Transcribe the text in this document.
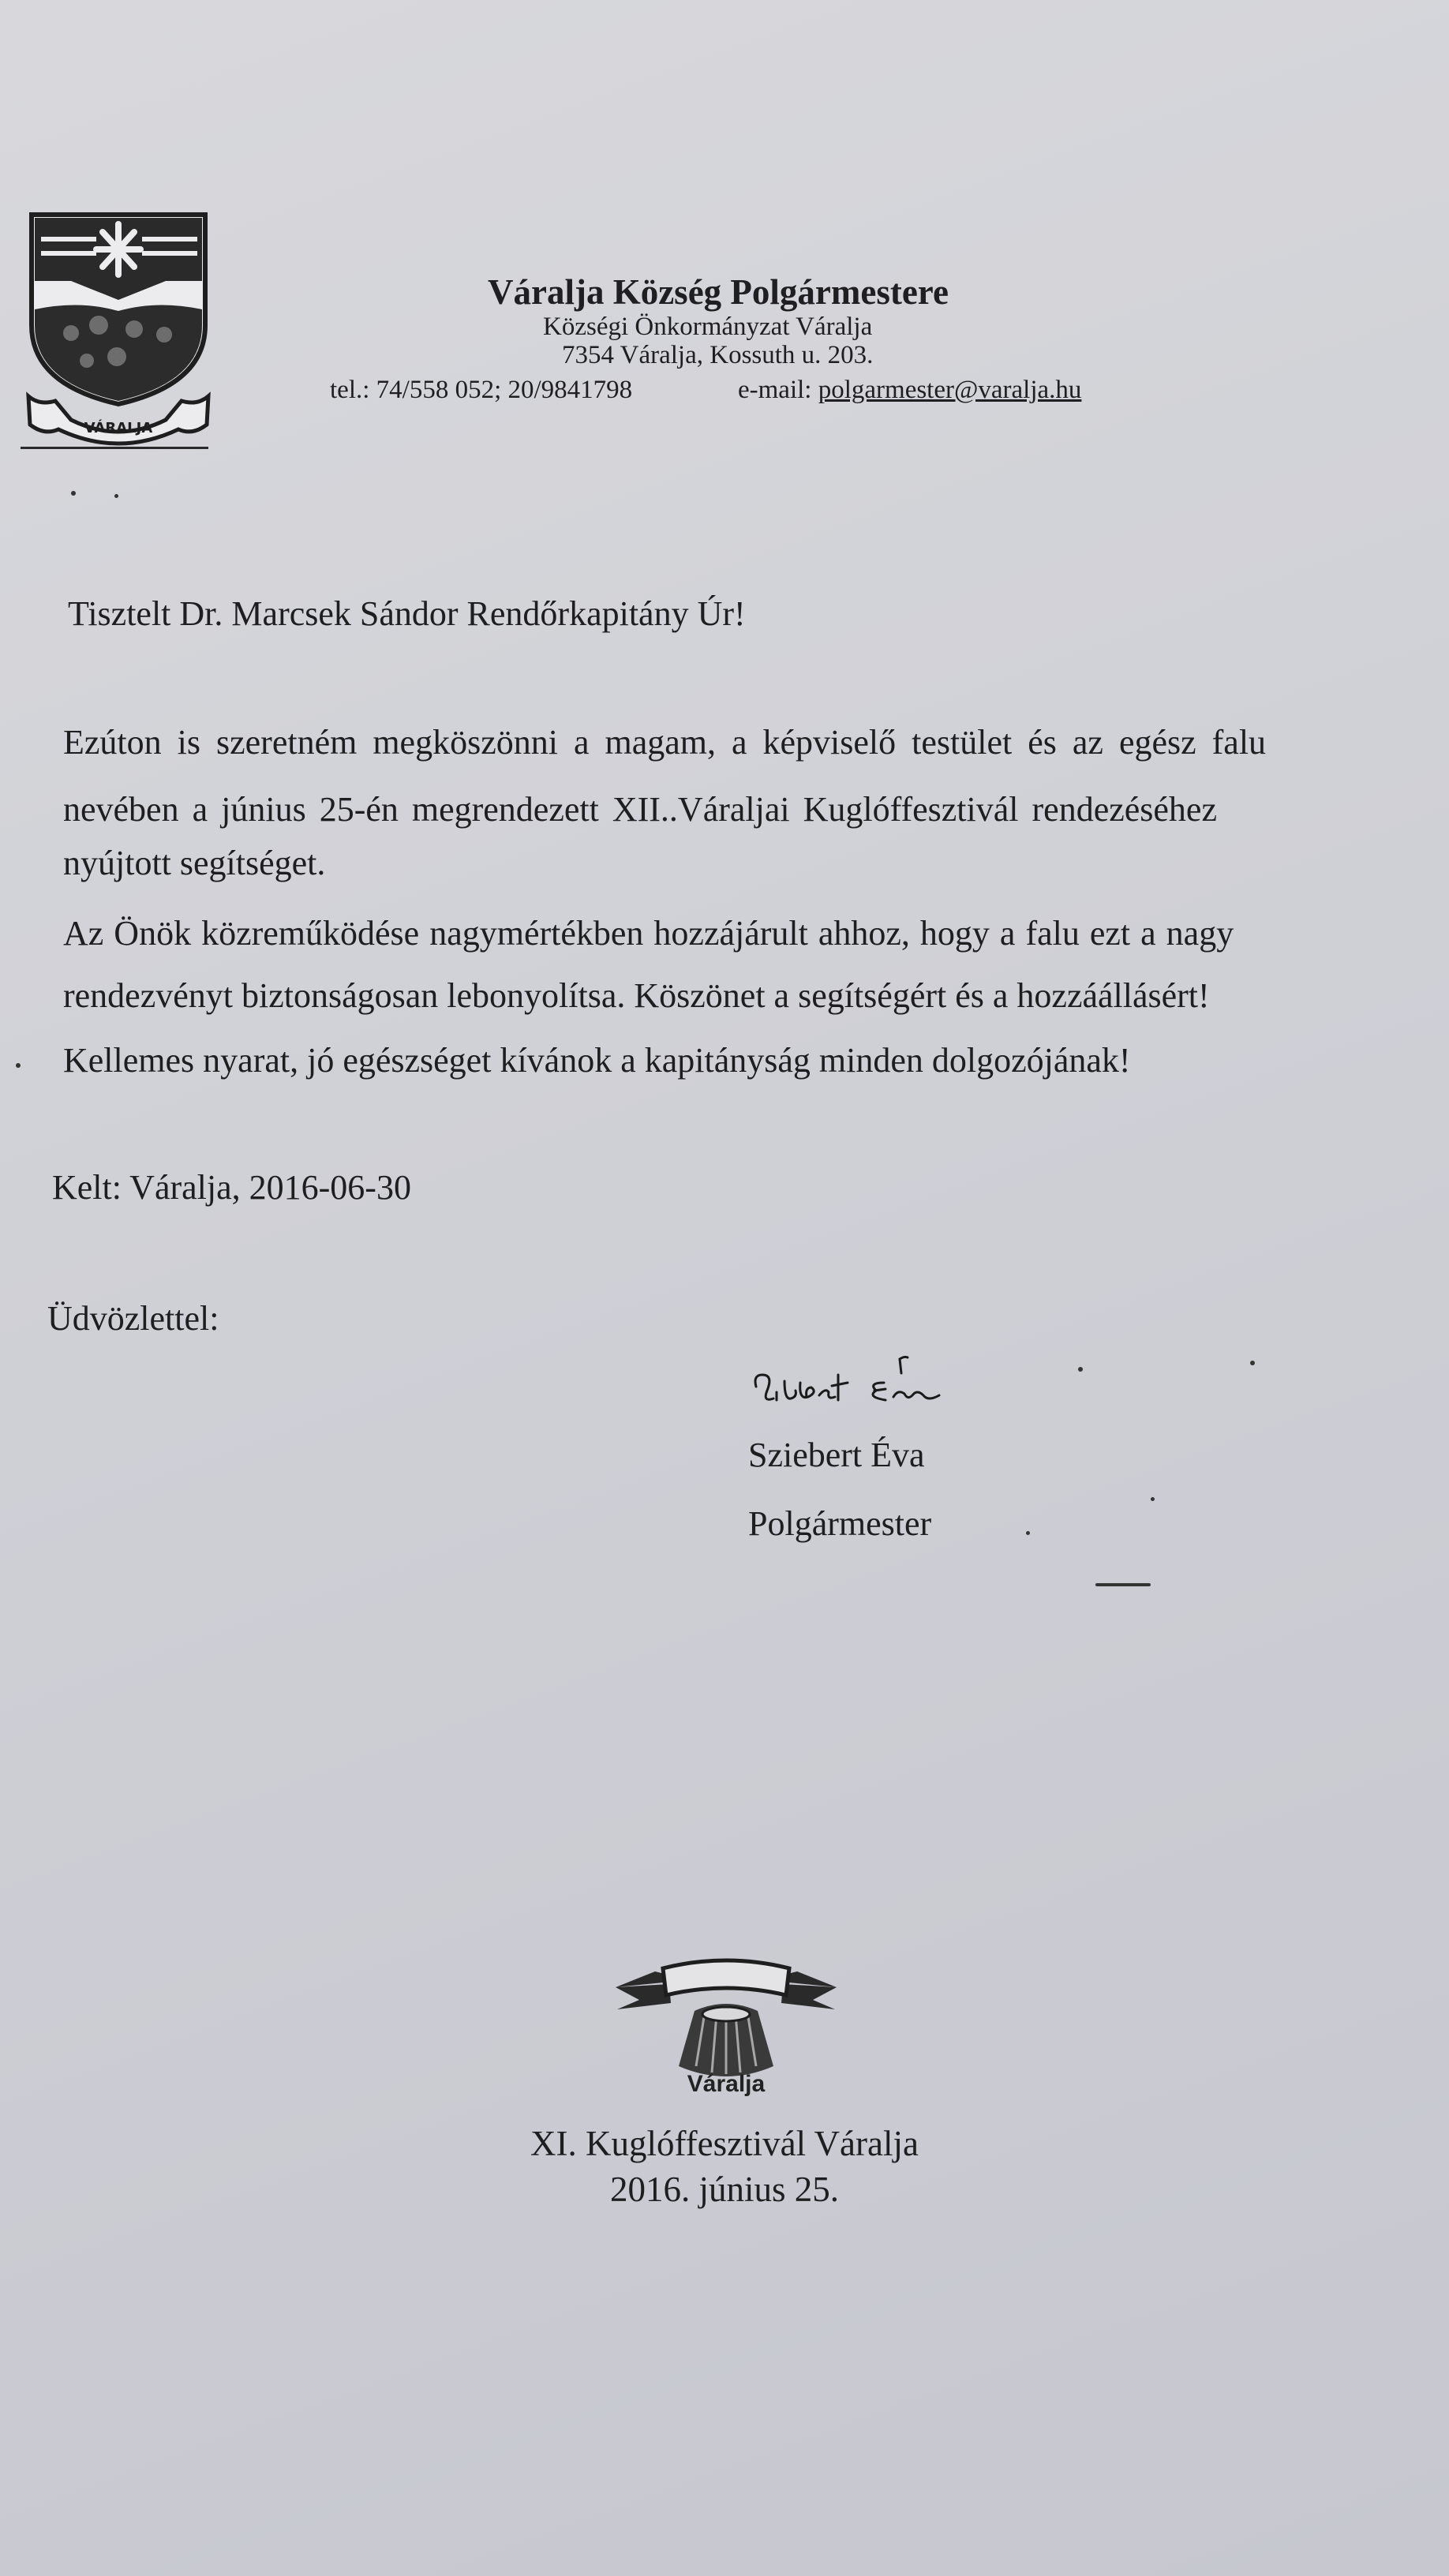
VÁRALJA
Váralja Község Polgármestere
Községi Önkormányzat Váralja
7354 Váralja, Kossuth u. 203.
tel.: 74/558 052; 20/9841798	e-mail: polgarmester@varalja.hu
Tisztelt Dr. Marcsek Sándor Rendőrkapitány Úr!
Ezúton is szeretném megköszönni a magam, a képviselő testület és az egész falu
nevében a június 25-én megrendezett XII..Váraljai Kuglóffesztivál rendezéséhez
nyújtott segítséget.
Az Önök közreműködése nagymértékben hozzájárult ahhoz, hogy a falu ezt a nagy
rendezvényt biztonságosan lebonyolítsa. Köszönet a segítségért és a hozzáállásért!
Kellemes nyarat, jó egészséget kívánok a kapitányság minden dolgozójának!
Kelt: Váralja, 2016-06-30
Üdvözlettel:
Sziebert Éva
Polgármester
Váralja
XI. Kuglóffesztivál Váralja
2016. június 25.
